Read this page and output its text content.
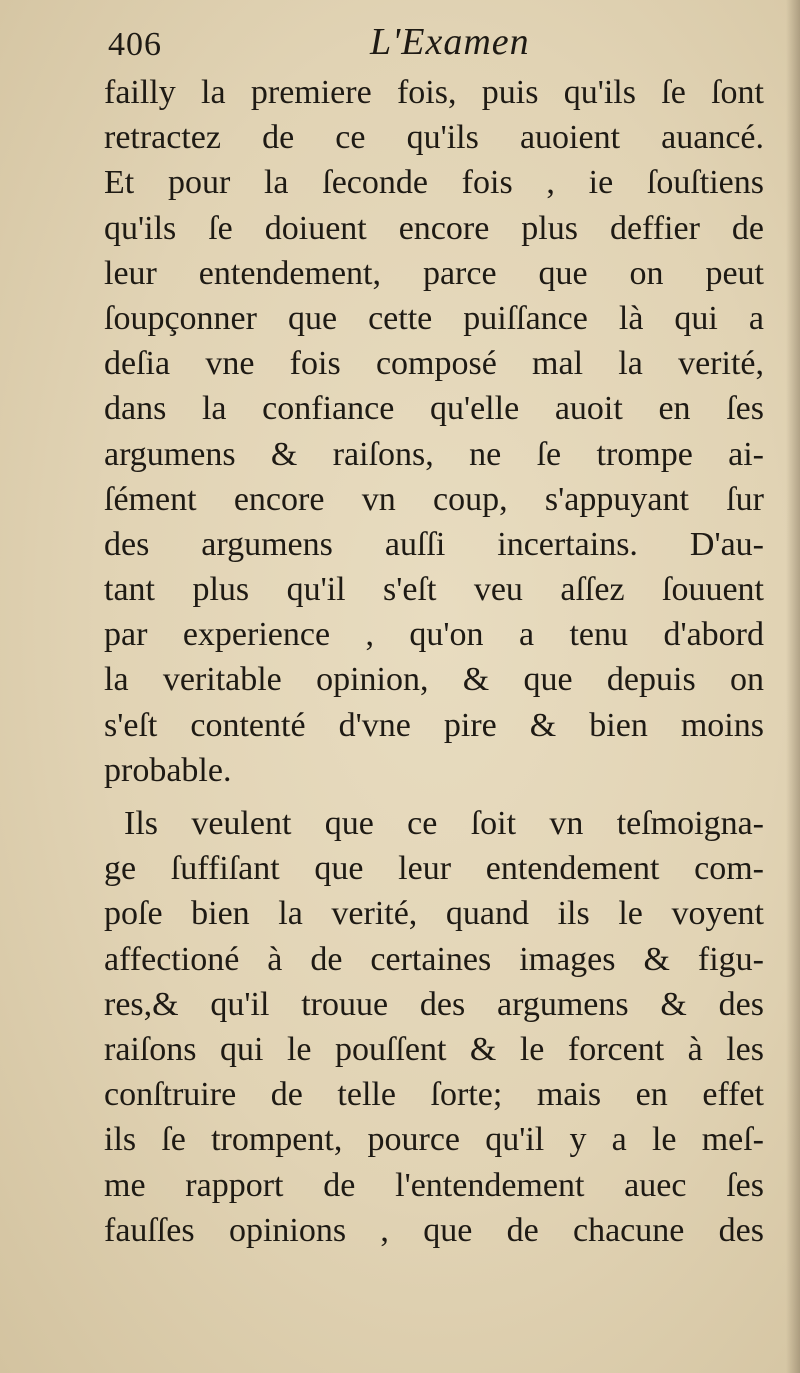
406	L'Examen
failly la premiere fois, puis qu'ils ſe ſont
retractez de ce qu'ils auoient auancé.
Et pour la ſeconde fois , ie ſouſtiens
qu'ils ſe doiuent encore plus deffier de
leur entendement, parce que on peut
ſoupçonner que cette puiſſance là qui a
deſia vne fois composé mal la verité,
dans la confiance qu'elle auoit en ſes
argumens & raiſons, ne ſe trompe ai-
ſément encore vn coup, s'appuyant ſur
des argumens auſſi incertains. D'au-
tant plus qu'il s'eſt veu aſſez ſouuent
par experience , qu'on a tenu d'abord
la veritable opinion, & que depuis on
s'eſt contenté d'vne pire & bien moins
probable.
Ils veulent que ce ſoit vn teſmoigna-
ge ſuffiſant que leur entendement com-
poſe bien la verité, quand ils le voyent
affectioné à de certaines images & figu-
res,& qu'il trouue des argumens & des
raiſons qui le pouſſent & le forcent à les
conſtruire de telle ſorte; mais en effet
ils ſe trompent, pource qu'il y a le meſ-
me rapport de l'entendement auec ſes
fauſſes opinions , que de chacune des
